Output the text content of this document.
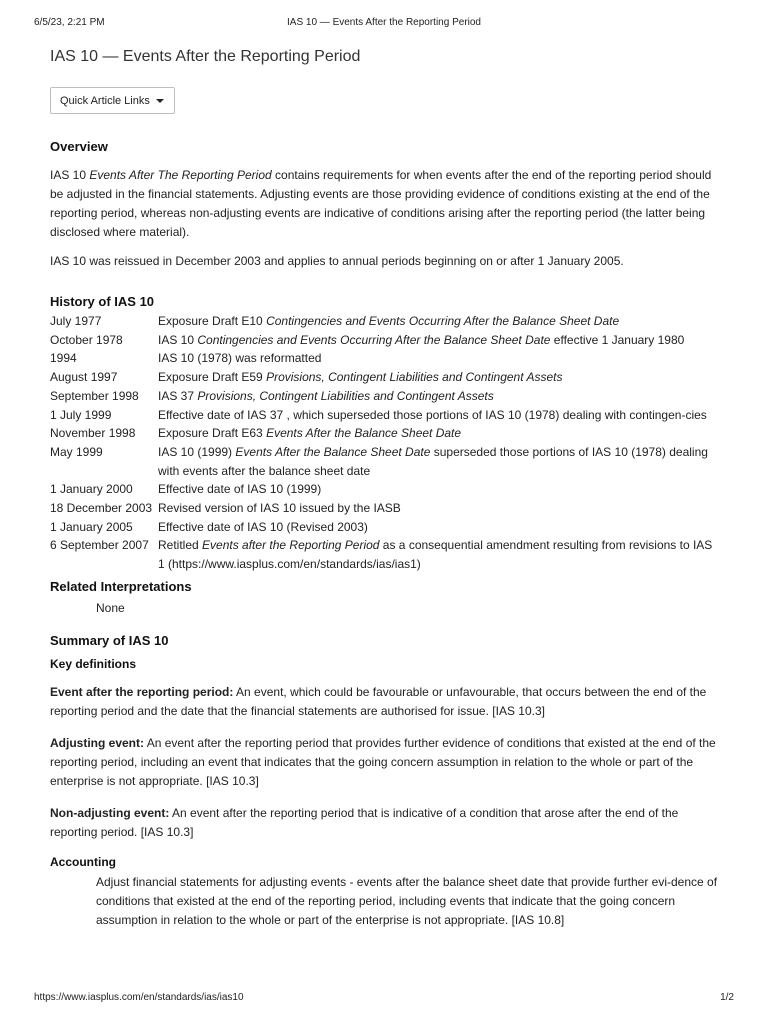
6/5/23, 2:21 PM	IAS 10 — Events After the Reporting Period
IAS 10 — Events After the Reporting Period
Quick Article Links
Overview

IAS 10 Events After The Reporting Period contains requirements for when events after the end of the reporting period should be adjusted in the financial statements. Adjusting events are those providing evidence of conditions existing at the end of the reporting period, whereas non-adjusting events are indicative of conditions arising after the reporting period (the latter being disclosed where material).

IAS 10 was reissued in December 2003 and applies to annual periods beginning on or after 1 January 2005.

History of IAS 10
July 1977	Exposure Draft E10 Contingencies and Events Occurring After the Balance Sheet Date
October 1978	IAS 10 Contingencies and Events Occurring After the Balance Sheet Date effective 1 January 1980
1994	IAS 10 (1978) was reformatted
August 1997	Exposure Draft E59 Provisions, Contingent Liabilities and Contingent Assets
September 1998	IAS 37 Provisions, Contingent Liabilities and Contingent Assets
1 July 1999	Effective date of IAS 37 , which superseded those portions of IAS 10 (1978) dealing with contingen-cies
November 1998	Exposure Draft E63 Events After the Balance Sheet Date
May 1999	IAS 10 (1999) Events After the Balance Sheet Date superseded those portions of IAS 10 (1978) dealing with events after the balance sheet date
1 January 2000	Effective date of IAS 10 (1999)
18 December 2003 Revised version of IAS 10 issued by the IASB
1 January 2005	Effective date of IAS 10 (Revised 2003)
6 September 2007 Retitled Events after the Reporting Period as a consequential amendment resulting from revisions to IAS 1 (https://www.iasplus.com/en/standards/ias/ias1)
Related Interpretations
None
Summary of IAS 10
Key definitions

Event after the reporting period: An event, which could be favourable or unfavourable, that occurs between the end of the reporting period and the date that the financial statements are authorised for issue. [IAS 10.3]

Adjusting event: An event after the reporting period that provides further evidence of conditions that existed at the end of the reporting period, including an event that indicates that the going concern assumption in relation to the whole or part of the enterprise is not appropriate. [IAS 10.3]

Non-adjusting event: An event after the reporting period that is indicative of a condition that arose after the end of the reporting period. [IAS 10.3]

Accounting

Adjust financial statements for adjusting events - events after the balance sheet date that provide further evi-dence of conditions that existed at the end of the reporting period, including events that indicate that the going concern assumption in relation to the whole or part of the enterprise is not appropriate. [IAS 10.8]

https://www.iasplus.com/en/standards/ias/ias10	1/2
